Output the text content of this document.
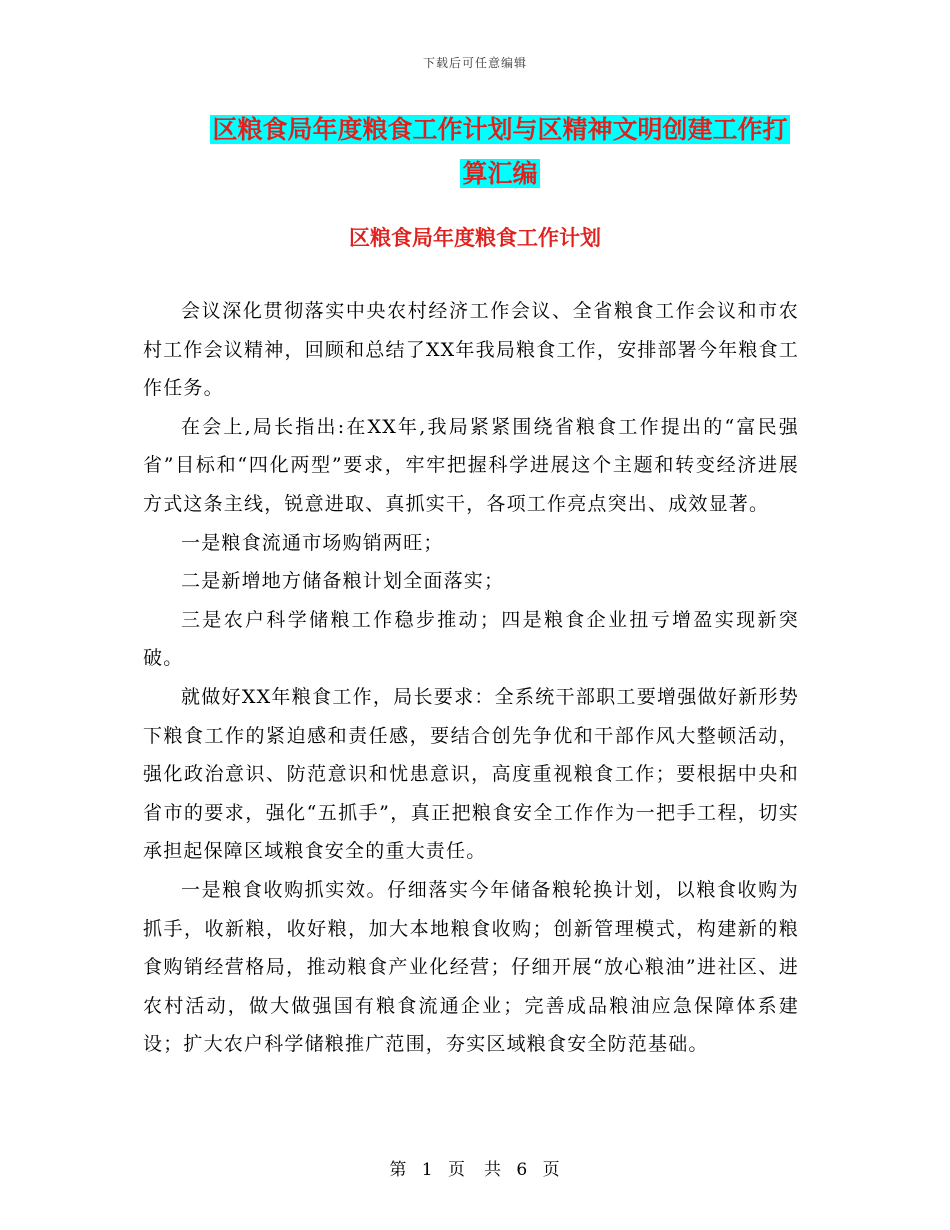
下载后可任意编辑
区粮食局年度粮食工作计划与区精神文明创建工作打
算汇编
区粮食局年度粮食工作计划

会议深化贯彻落实中央农村经济工作会议、全省粮食工作会议和市农村工作会议精神，回顾和总结了XX年我局粮食工作，安排部署今年粮食工作任务。

在会上,局长指出:在XX年,我局紧紧围绕省粮食工作提出的“富民强省”目标和“四化两型”要求，牢牢把握科学进展这个主题和转变经济进展方式这条主线，锐意进取、真抓实干，各项工作亮点突出、成效显著。

一是粮食流通市场购销两旺；

二是新增地方储备粮计划全面落实；

三是农户科学储粮工作稳步推动；四是粮食企业扭亏增盈实现新突破。

就做好XX年粮食工作，局长要求：全系统干部职工要增强做好新形势下粮食工作的紧迫感和责任感，要结合创先争优和干部作风大整顿活动，强化政治意识、防范意识和忧患意识，高度重视粮食工作；要根据中央和省市的要求，强化“五抓手”，真正把粮食安全工作作为一把手工程，切实承担起保障区域粮食安全的重大责任。

一是粮食收购抓实效。仔细落实今年储备粮轮换计划，以粮食收购为抓手，收新粮，收好粮，加大本地粮食收购；创新管理模式，构建新的粮食购销经营格局，推动粮食产业化经营；仔细开展“放心粮油”进社区、进农村活动，做大做强国有粮食流通企业；完善成品粮油应急保障体系建设；扩大农户科学储粮推广范围，夯实区域粮食安全防范基础。

第 1 页　共 6 页
